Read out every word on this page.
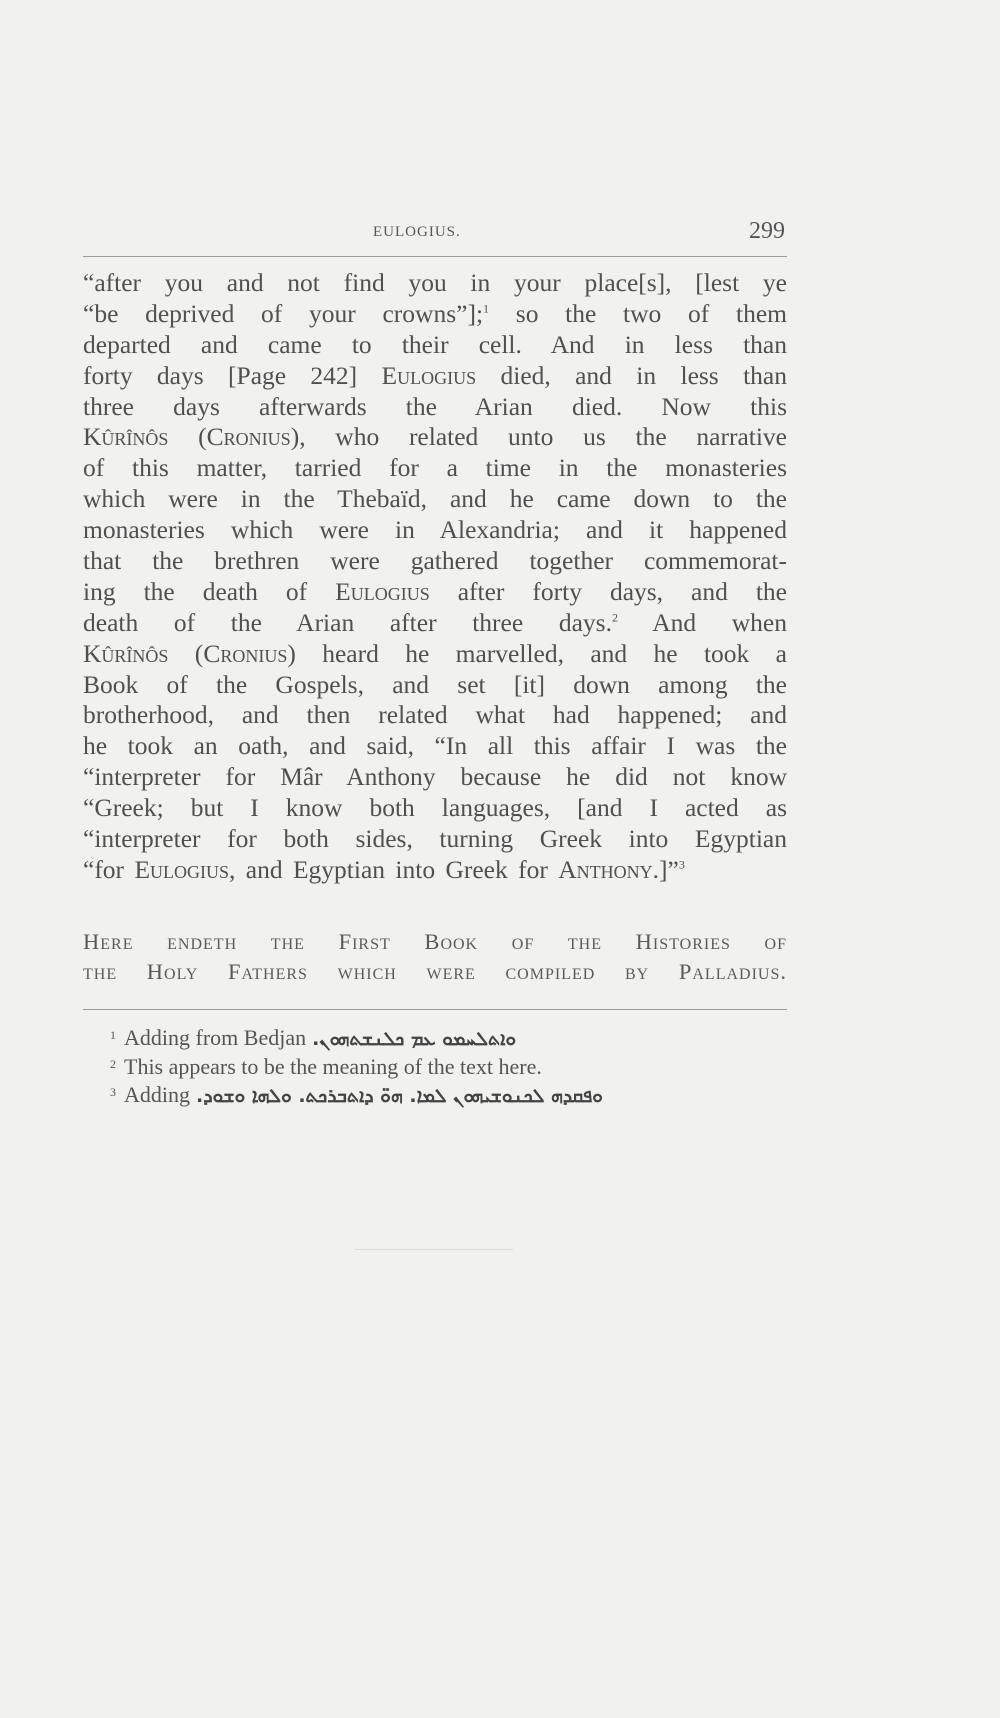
EULOGIUS.	299
“after you and not find you in your place[s], [lest ye
“be deprived of your crowns”];$^1$ so the two of them
departed and came to their cell. And in less than
forty days [Page 242] Eulogius died, and in less than
three days afterwards the Arian died. Now this
Kûrînôs (Cronius), who related unto us the narrative
of this matter, tarried for a time in the monasteries
which were in the Thebaïd, and he came down to the
monasteries which were in Alexandria; and it happened
that the brethren were gathered together commemorat-
ing the death of Eulogius after forty days, and the
death of the Arian after three days.$^2$ And when
Kûrînôs (Cronius) heard he marvelled, and he took a
Book of the Gospels, and set [it] down among the
brotherhood, and then related what had happened; and
he took an oath, and said, “In all this affair I was the
“interpreter for Mâr Anthony because he did not know
“Greek; but I know both languages, [and I acted as
“interpreter for both sides, turning Greek into Egyptian
“for Eulogius, and Egyptian into Greek for Anthony.]”$^3$
Here endeth the First Book of the Histories of
the Holy Fathers which were compiled by Palladius.
1 Adding from Bedjan ܘܐܬܠܚܡܘ ܥܡ ܟܠܢܫܬܗܘܢ.
2 This appears to be the meaning of the text here.
3 Adding ܘܦܩܕܗ ܠܟܢܘܫܝܗܘܢ ܠܡܐ. ܗܘ̈ ܕܐܬܒܪܟܬ. ܘܠܗܐ ܘܫܘܕ.
